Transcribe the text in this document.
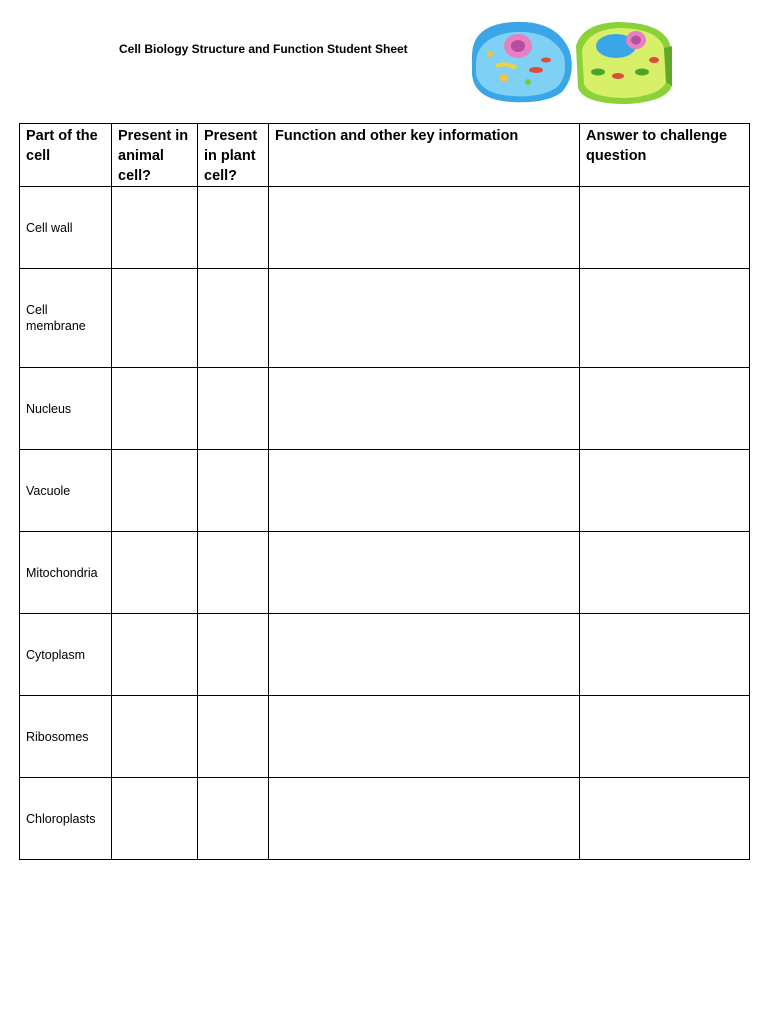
Cell Biology Structure and Function Student Sheet
Part of the cell	Present in animal cell?	Present in plant cell?	Function and other key information	Answer to challenge question
Cell wall				
Cell membrane				
Nucleus				
Vacuole				
Mitochondria				
Cytoplasm				
Ribosomes				
Chloroplasts				
